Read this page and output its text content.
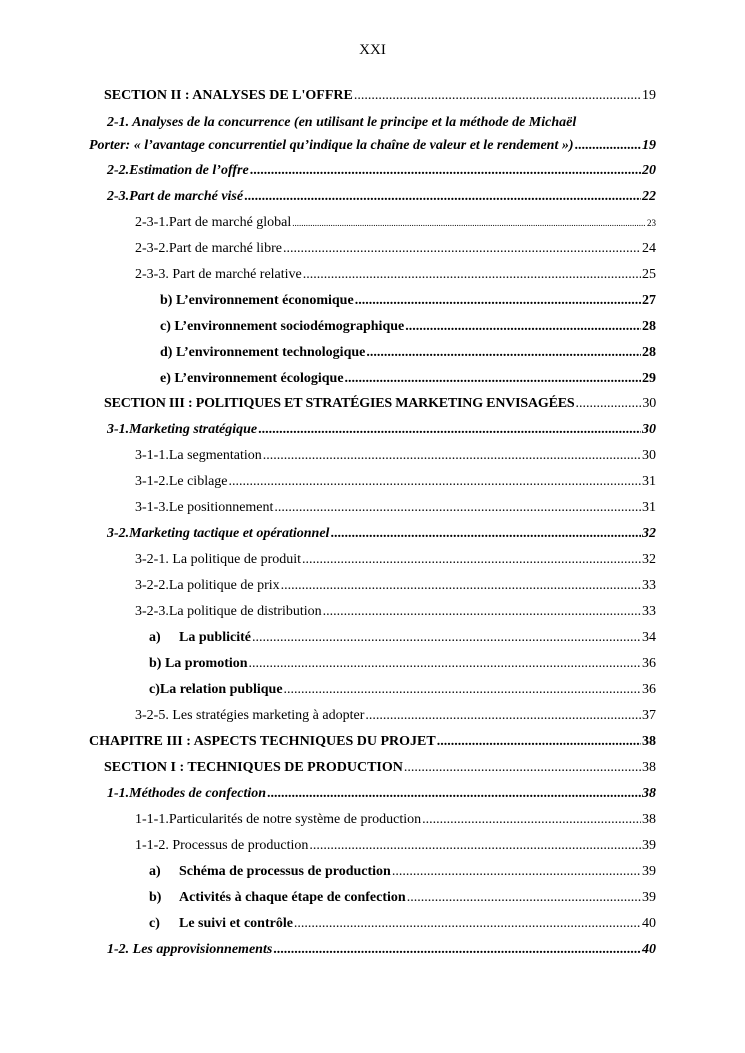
XXI
SECTION II : ANALYSES DE L'OFFRE .....	19
2-1. Analyses de la concurrence (en utilisant le principe et la méthode de Michaël
Porter: « l’avantage concurrentiel qu’indique la chaîne de valeur et le rendement ») .....	19
2-2.Estimation de l’offre .....	20
2-3.Part de marché visé .....	22
2-3-1.Part de marché global .....	23
2-3-2.Part de marché libre .....	24
2-3-3. Part de marché relative .....	25
b) L’environnement économique .....	27
c) L’environnement sociodémographique .....	28
d) L’environnement technologique .....	28
e) L’environnement écologique .....	29
SECTION III : POLITIQUES ET STRATÉGIES MARKETING ENVISAGÉES .....	30
3-1.Marketing stratégique .....	30
3-1-1.La segmentation .....	30
3-1-2.Le ciblage .....	31
3-1-3.Le positionnement .....	31
3-2.Marketing tactique et opérationnel .....	32
3-2-1. La politique de produit .....	32
3-2-2.La politique de prix .....	33
3-2-3.La politique de distribution .....	33
a)	La publicité .....	34
b) La promotion .....	36
c)La relation publique .....	36
3-2-5. Les stratégies marketing à adopter .....	37
CHAPITRE III : ASPECTS TECHNIQUES DU PROJET .....	38
SECTION I : TECHNIQUES DE PRODUCTION .....	38
1-1.Méthodes de confection .....	38
1-1-1.Particularités de notre système de production .....	38
1-1-2. Processus de production .....	39
a)	Schéma de processus de production .....	39
b)	Activités à chaque étape de confection .....	39
c)	Le suivi et contrôle .....	40
1-2. Les approvisionnements .....	40
